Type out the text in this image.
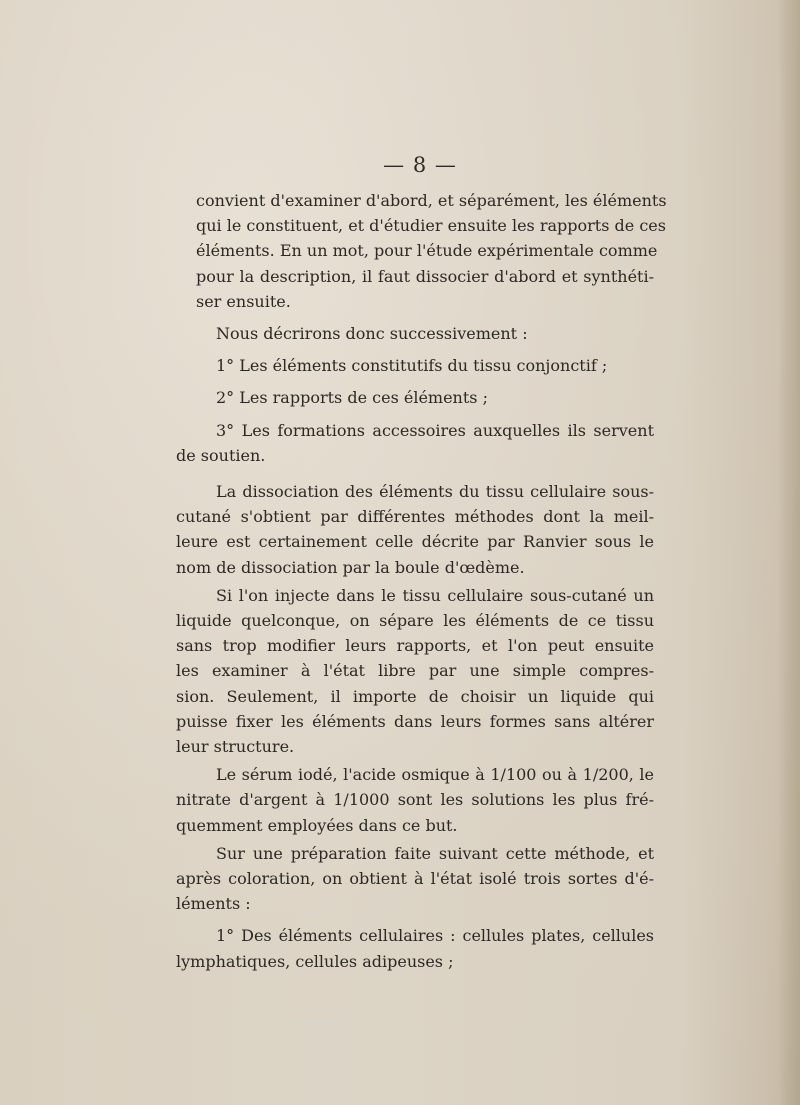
— 8 —

convient d'examiner d'abord, et séparément, les éléments
qui le constituent, et d'étudier ensuite les rapports de ces
éléments. En un mot, pour l'étude expérimentale comme
pour la description, il faut dissocier d'abord et synthéti-
ser ensuite.

Nous décrirons donc successivement :

1° Les éléments constitutifs du tissu conjonctif ;

2° Les rapports de ces éléments ;

3° Les formations accessoires auxquelles ils servent
de soutien.

La dissociation des éléments du tissu cellulaire sous-
cutané s'obtient par différentes méthodes dont la meil-
leure est certainement celle décrite par Ranvier sous le
nom de dissociation par la boule d'œdème.

Si l'on injecte dans le tissu cellulaire sous-cutané un
liquide quelconque, on sépare les éléments de ce tissu
sans trop modifier leurs rapports, et l'on peut ensuite
les examiner à l'état libre par une simple compres-
sion. Seulement, il importe de choisir un liquide qui
puisse fixer les éléments dans leurs formes sans altérer
leur structure.

Le sérum iodé, l'acide osmique à 1/100 ou à 1/200, le
nitrate d'argent à 1/1000 sont les solutions les plus fré-
quemment employées dans ce but.

Sur une préparation faite suivant cette méthode, et
après coloration, on obtient à l'état isolé trois sortes d'é-
léments :

1° Des éléments cellulaires : cellules plates, cellules
lymphatiques, cellules adipeuses ;
